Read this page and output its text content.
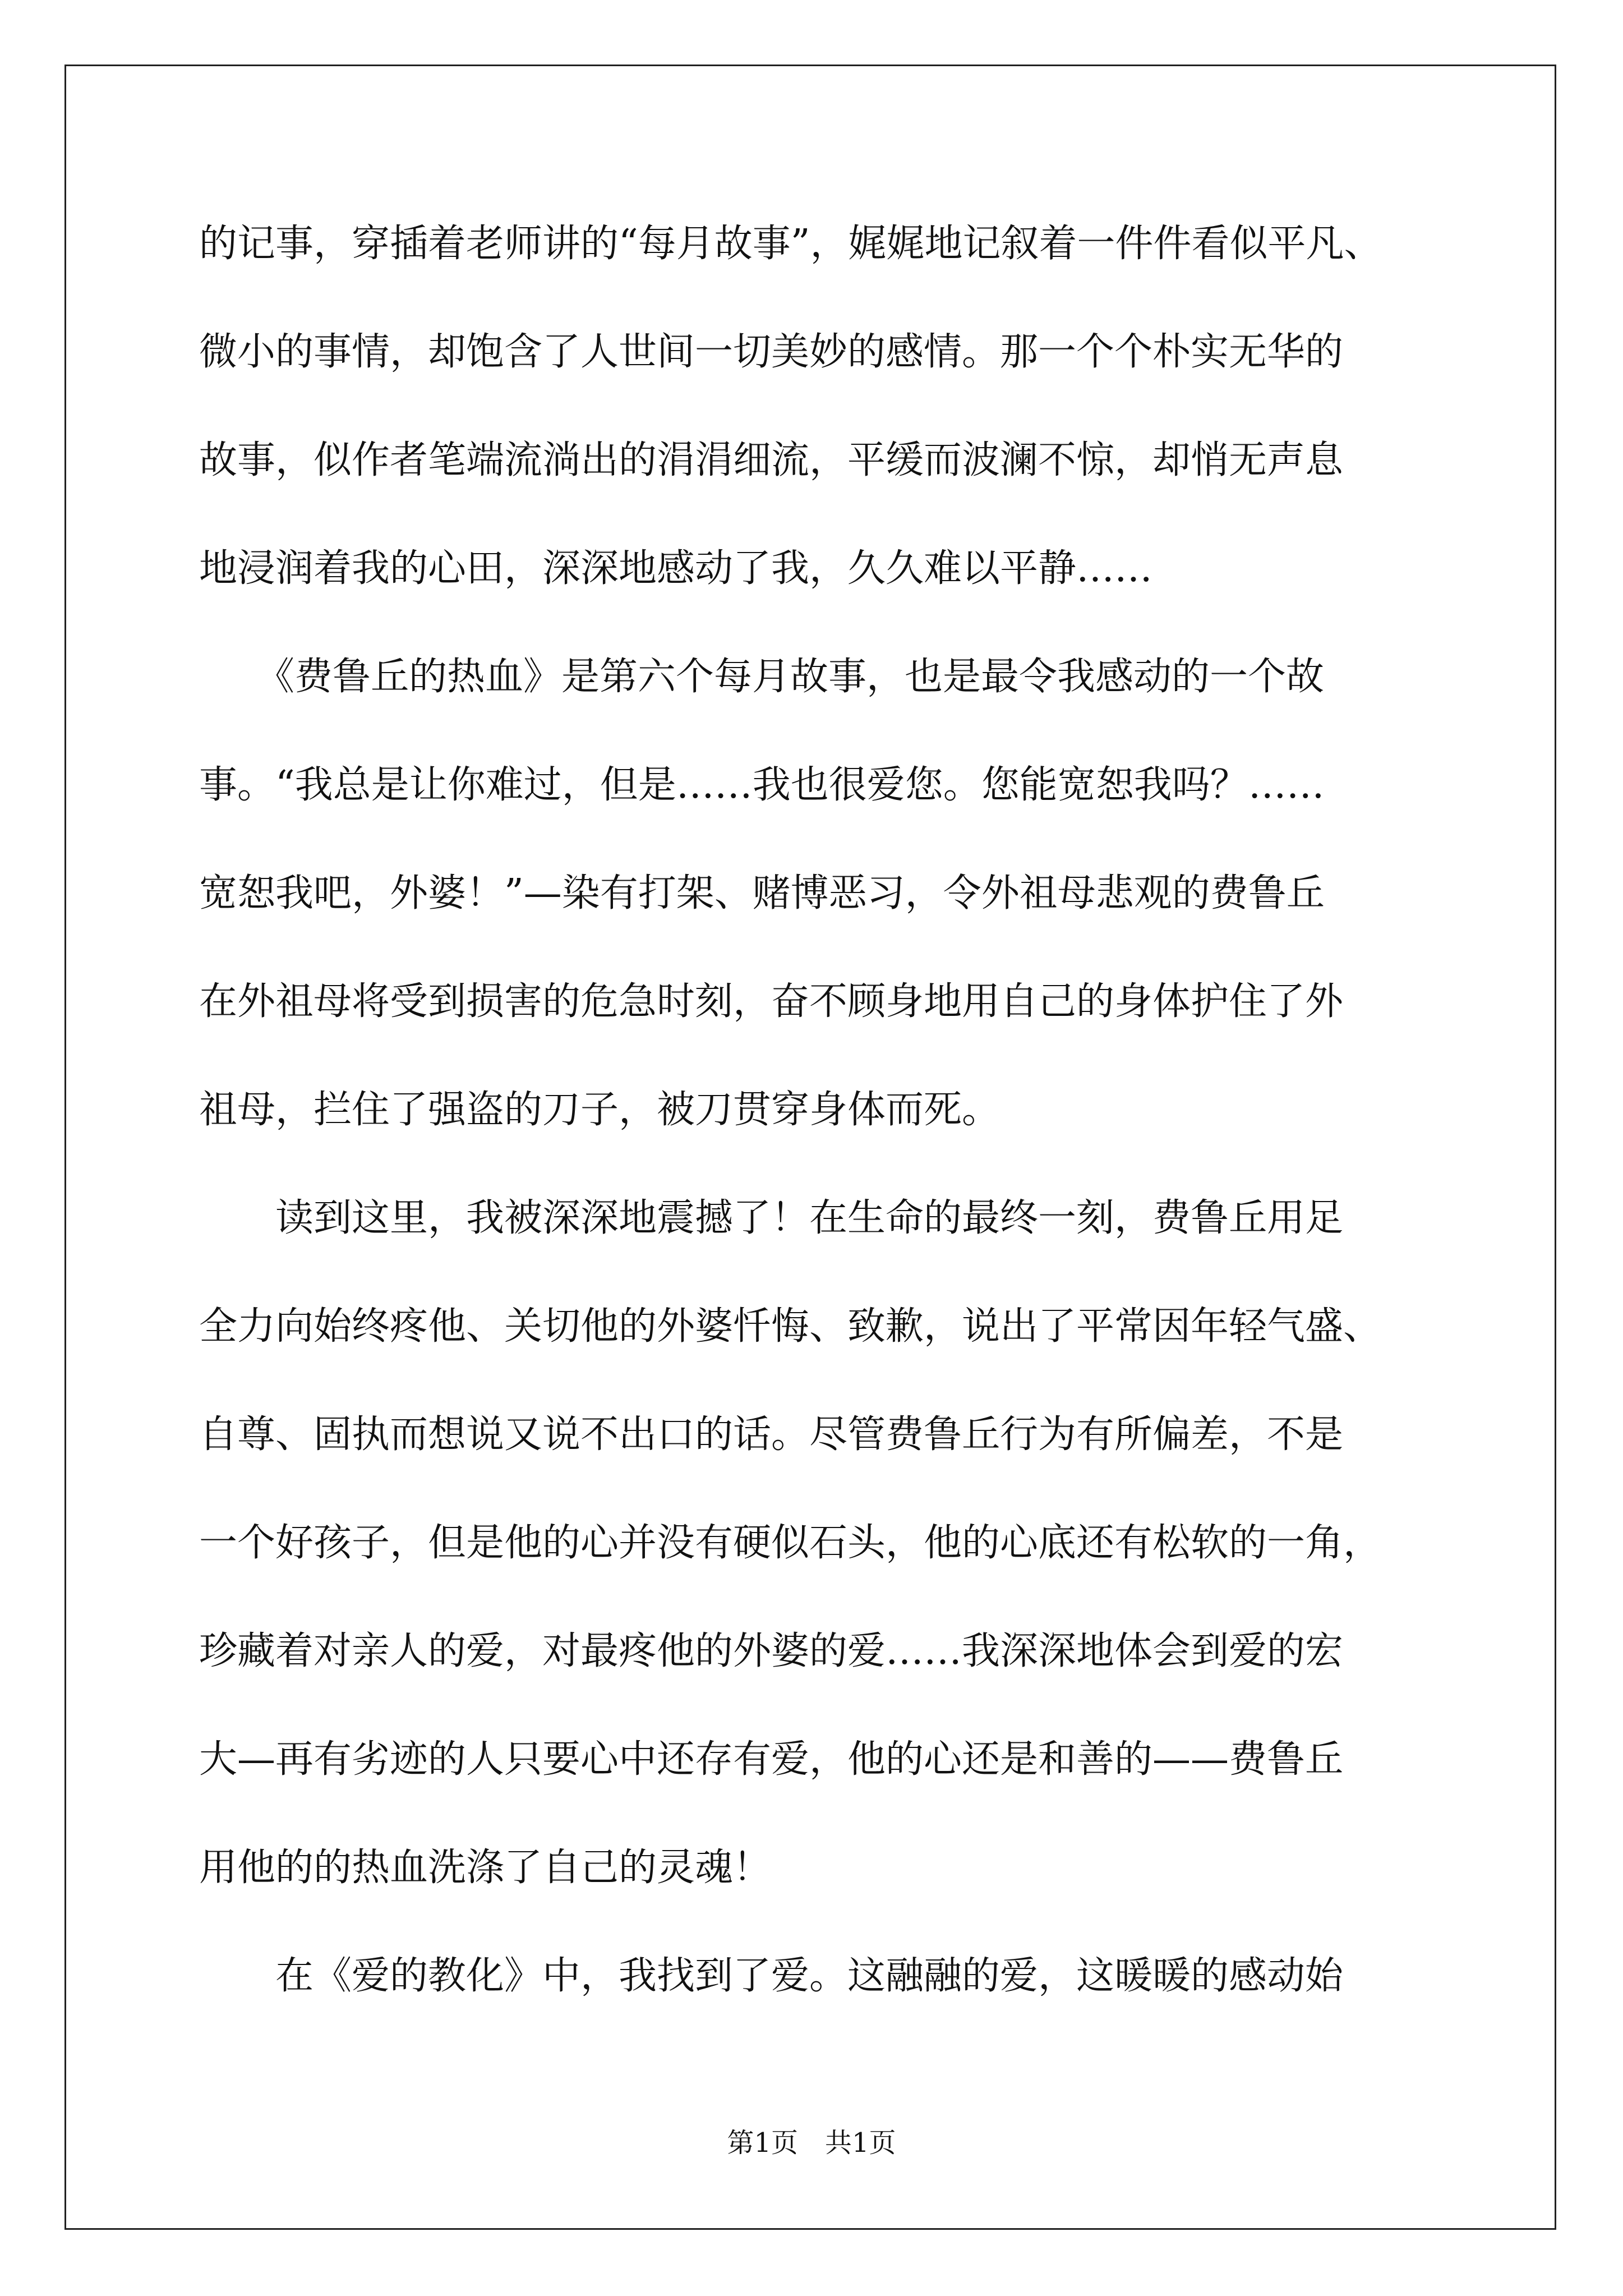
的记事，穿插着老师讲的“每月故事”，娓娓地记叙着一件件看似平凡、
微小的事情，却饱含了人世间一切美妙的感情。那一个个朴实无华的
故事，似作者笔端流淌出的涓涓细流，平缓而波澜不惊，却悄无声息
地浸润着我的心田，深深地感动了我，久久难以平静……
　　《费鲁丘的热血》是第六个每月故事，也是最令我感动的一个故
事。“我总是让你难过，但是……我也很爱您。您能宽恕我吗？……
宽恕我吧，外婆！”—染有打架、赌博恶习，令外祖母悲观的费鲁丘
在外祖母将受到损害的危急时刻，奋不顾身地用自己的身体护住了外
祖母，拦住了强盗的刀子，被刀贯穿身体而死。
　　读到这里，我被深深地震撼了！在生命的最终一刻，费鲁丘用足
全力向始终疼他、关切他的外婆忏悔、致歉，说出了平常因年轻气盛、
自尊、固执而想说又说不出口的话。尽管费鲁丘行为有所偏差，不是
一个好孩子，但是他的心并没有硬似石头，他的心底还有松软的一角，
珍藏着对亲人的爱，对最疼他的外婆的爱……我深深地体会到爱的宏
大—再有劣迹的人只要心中还存有爱，他的心还是和善的——费鲁丘
用他的的热血洗涤了自己的灵魂！
　　在《爱的教化》中，我找到了爱。这融融的爱，这暖暖的感动始
第1页　共1页
